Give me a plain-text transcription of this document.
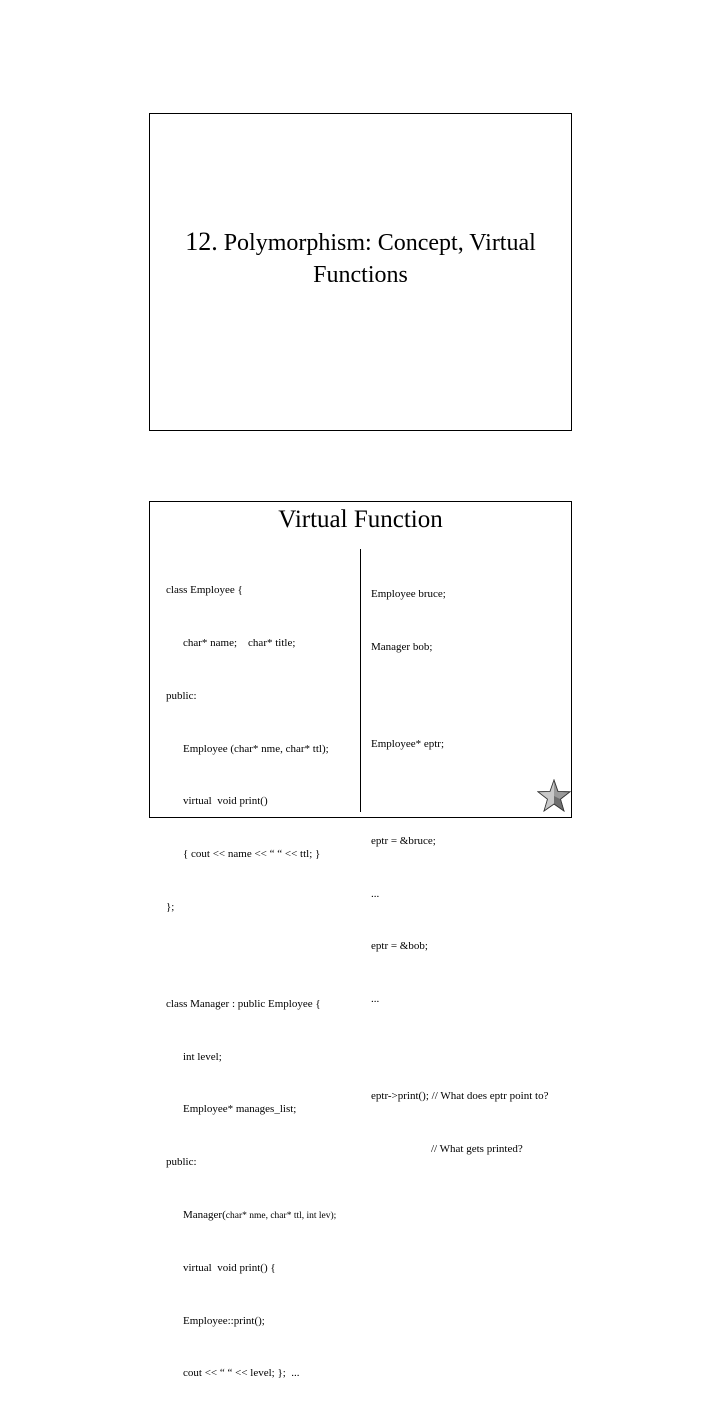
12. Polymorphism: Concept, Virtual
Functions
Virtual Function

class Employee {

char* name;    char* title;

public:

Employee (char* nme, char* ttl);

virtual  void print()

{ cout << name << “ “ << ttl; }

};

class Manager : public Employee {

int level;

Employee* manages_list;

public:

Manager(char* nme, char* ttl, int lev);

virtual  void print() {

Employee::print();

cout << “ “ << level; };  ...

Employee bruce;

Manager bob;

Employee* eptr;

eptr = &bruce;

...

eptr = &bob;

...

eptr->print(); // What does eptr point to?

// What gets printed?
